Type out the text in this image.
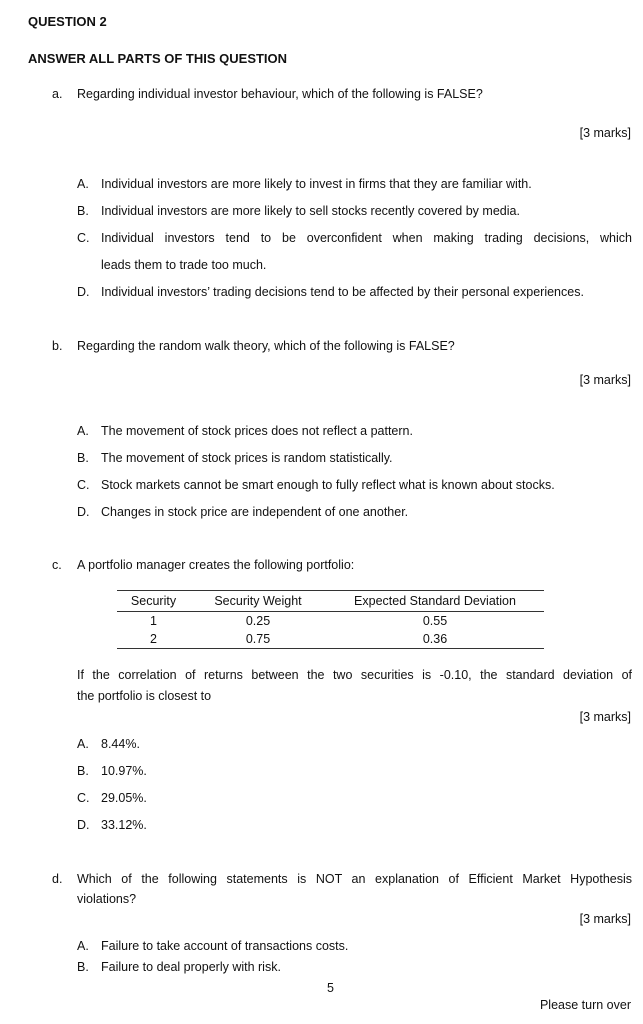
QUESTION 2
ANSWER ALL PARTS OF THIS QUESTION
a. Regarding individual investor behaviour, which of the following is FALSE?
[3 marks]
A. Individual investors are more likely to invest in firms that they are familiar with.
B. Individual investors are more likely to sell stocks recently covered by media.
C. Individual investors tend to be overconfident when making trading decisions, which
leads them to trade too much.
D. Individual investors’ trading decisions tend to be affected by their personal experiences.
b. Regarding the random walk theory, which of the following is FALSE?
[3 marks]
A. The movement of stock prices does not reflect a pattern.
B. The movement of stock prices is random statistically.
C. Stock markets cannot be smart enough to fully reflect what is known about stocks.
D. Changes in stock price are independent of one another.
c. A portfolio manager creates the following portfolio:
Security	Security Weight	Expected Standard Deviation
1	0.25	0.55
2	0.75	0.36
If the correlation of returns between the two securities is -0.10, the standard deviation of
the portfolio is closest to
[3 marks]
A. 8.44%.
B. 10.97%.
C. 29.05%.
D. 33.12%.
d. Which of the following statements is NOT an explanation of Efficient Market Hypothesis
violations?
[3 marks]
A. Failure to take account of transactions costs.
B. Failure to deal properly with risk.
5
Please turn over
